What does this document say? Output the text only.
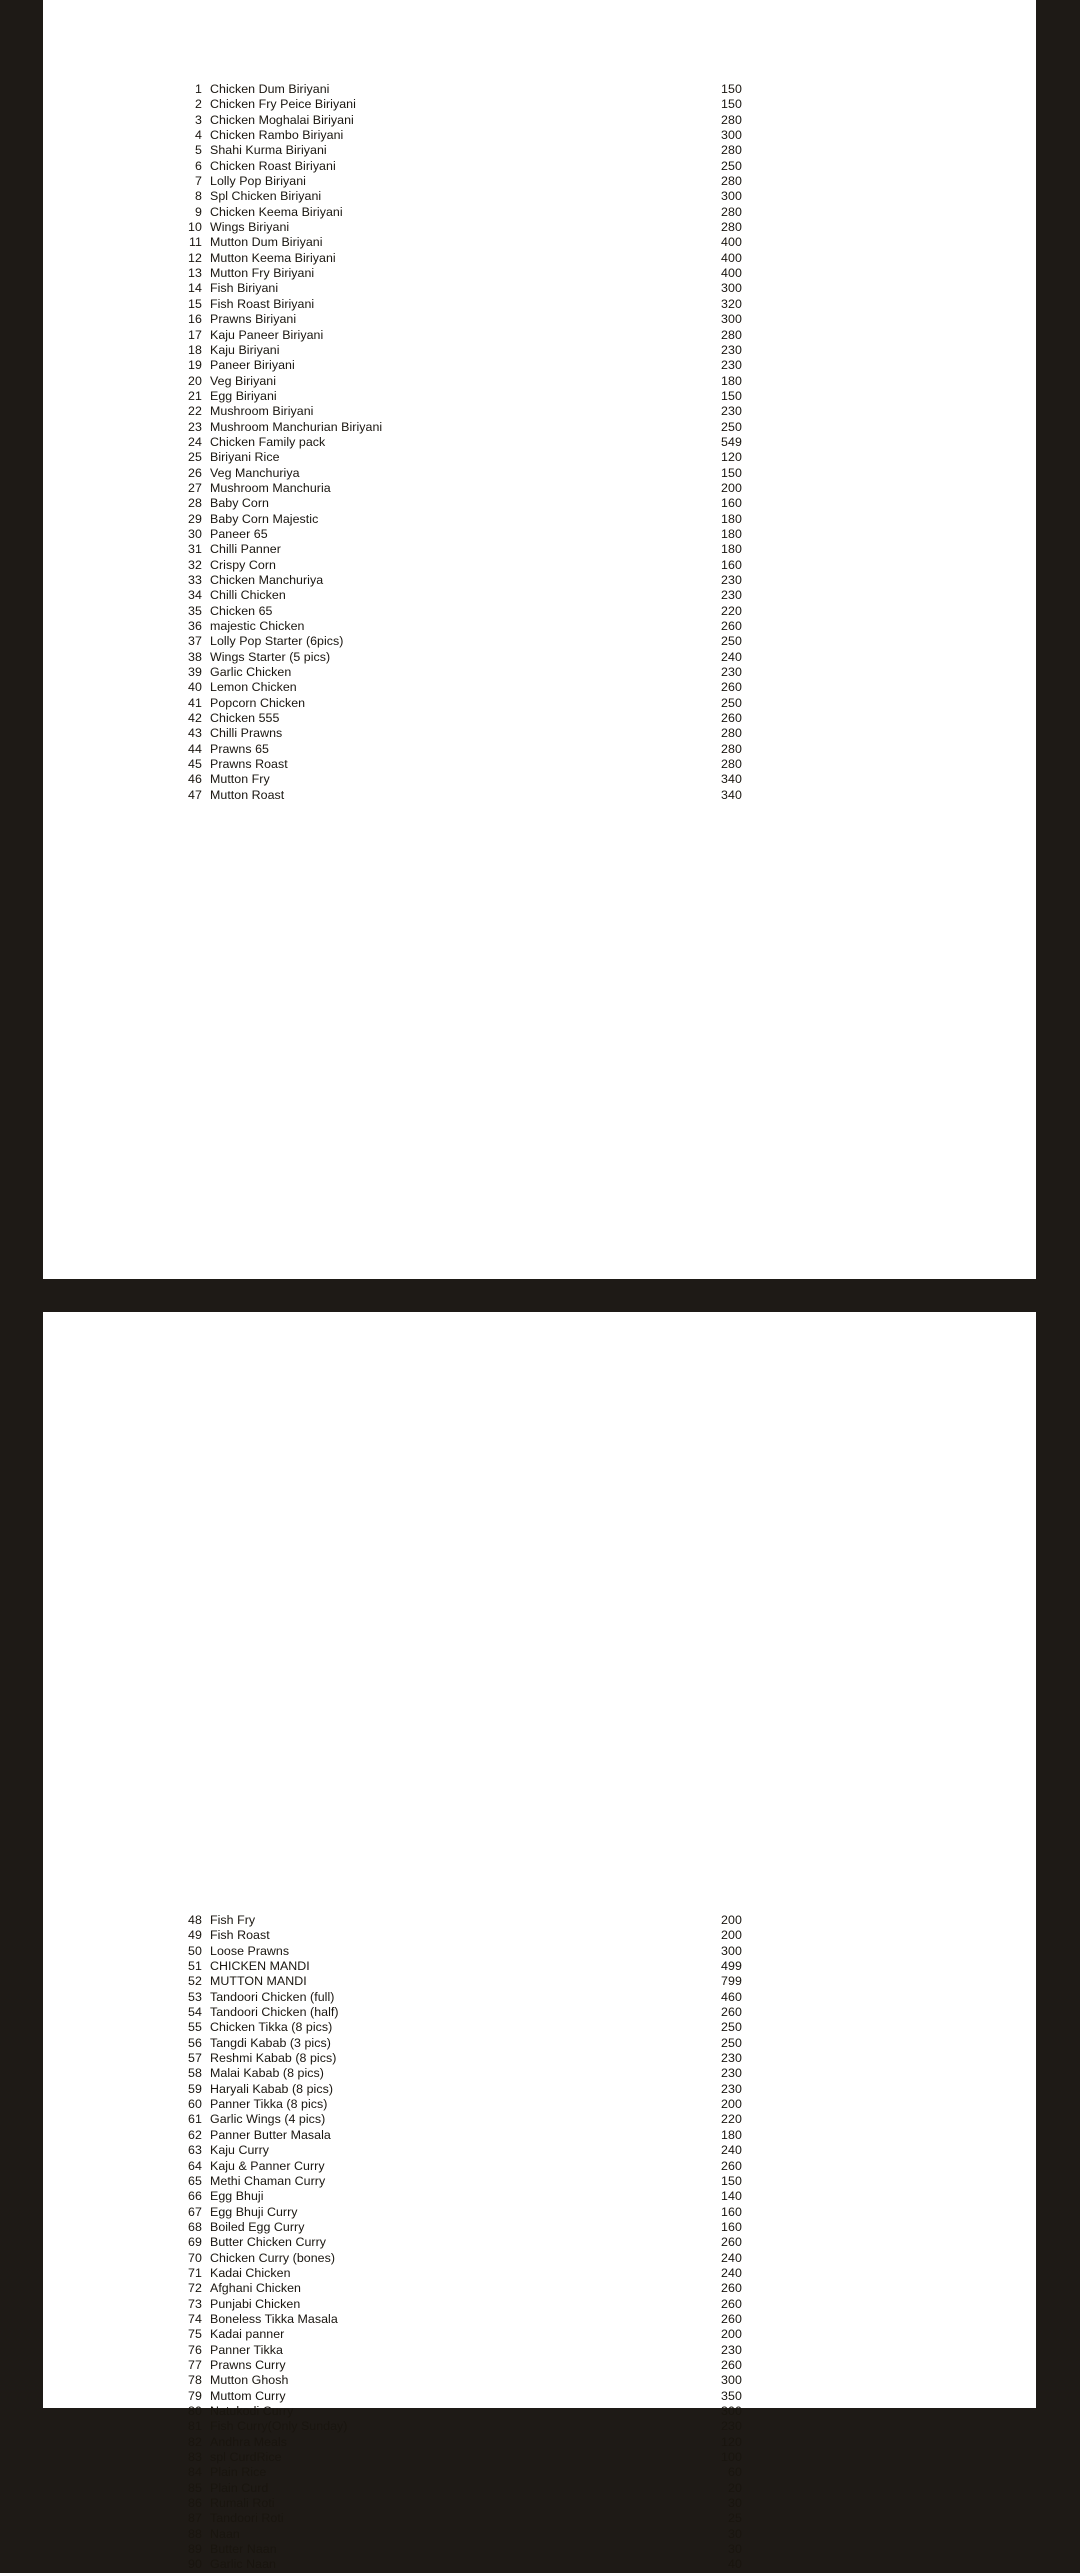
1 Chicken Dum Biriyani	150
2 Chicken Fry Peice Biriyani	150
3 Chicken Moghalai Biriyani	280
4 Chicken Rambo Biriyani	300
5 Shahi Kurma Biriyani	280
6 Chicken Roast Biriyani	250
7 Lolly Pop Biriyani	280
8 Spl Chicken Biriyani	300
9 Chicken Keema Biriyani	280
10 Wings Biriyani	280
11 Mutton Dum Biriyani	400
12 Mutton Keema Biriyani	400
13 Mutton Fry Biriyani	400
14 Fish Biriyani	300
15 Fish Roast Biriyani	320
16 Prawns Biriyani	300
17 Kaju Paneer Biriyani	280
18 Kaju Biriyani	230
19 Paneer Biriyani	230
20 Veg Biriyani	180
21 Egg Biriyani	150
22 Mushroom Biriyani	230
23 Mushroom Manchurian Biriyani	250
24 Chicken Family pack	549
25 Biriyani Rice	120
26 Veg Manchuriya	150
27 Mushroom Manchuria	200
28 Baby Corn	160
29 Baby Corn Majestic	180
30 Paneer 65	180
31 Chilli Panner	180
32 Crispy Corn	160
33 Chicken Manchuriya	230
34 Chilli Chicken	230
35 Chicken 65	220
36 majestic Chicken	260
37 Lolly Pop Starter (6pics)	250
38 Wings Starter (5 pics)	240
39 Garlic Chicken	230
40 Lemon Chicken	260
41 Popcorn Chicken	250
42 Chicken 555	260
43 Chilli Prawns	280
44 Prawns 65	280
45 Prawns Roast	280
46 Mutton Fry	340
47 Mutton Roast	340
48 Fish Fry	200
49 Fish Roast	200
50 Loose Prawns	300
51 CHICKEN MANDI	499
52 MUTTON MANDI	799
53 Tandoori Chicken (full)	460
54 Tandoori Chicken (half)	260
55 Chicken Tikka (8 pics)	250
56 Tangdi Kabab (3 pics)	250
57 Reshmi Kabab (8 pics)	230
58 Malai Kabab (8 pics)	230
59 Haryali Kabab (8 pics)	230
60 Panner Tikka (8 pics)	200
61 Garlic Wings (4 pics)	220
62 Panner Butter Masala	180
63 Kaju Curry	240
64 Kaju & Panner Curry	260
65 Methi Chaman Curry	150
66 Egg Bhuji	140
67 Egg Bhuji Curry	160
68 Boiled Egg Curry	160
69 Butter Chicken Curry	260
70 Chicken Curry (bones)	240
71 Kadai Chicken	240
72 Afghani Chicken	260
73 Punjabi Chicken	260
74 Boneless Tikka Masala	260
75 Kadai panner	200
76 Panner Tikka	230
77 Prawns Curry	260
78 Mutton Ghosh	300
79 Muttom Curry	350
80 Natukodi Curry	300
81 Fish Curry(Only Sunday)	230
82 Andhra Meals	120
83 spl CurdRice	100
84 Plain Rice	60
85 Plain Curd	20
86 Rumali Roti	30
87 Tandoori Roti	25
88 Naan	30
89 Butter Naan	30
90 Garlic Naan	40
